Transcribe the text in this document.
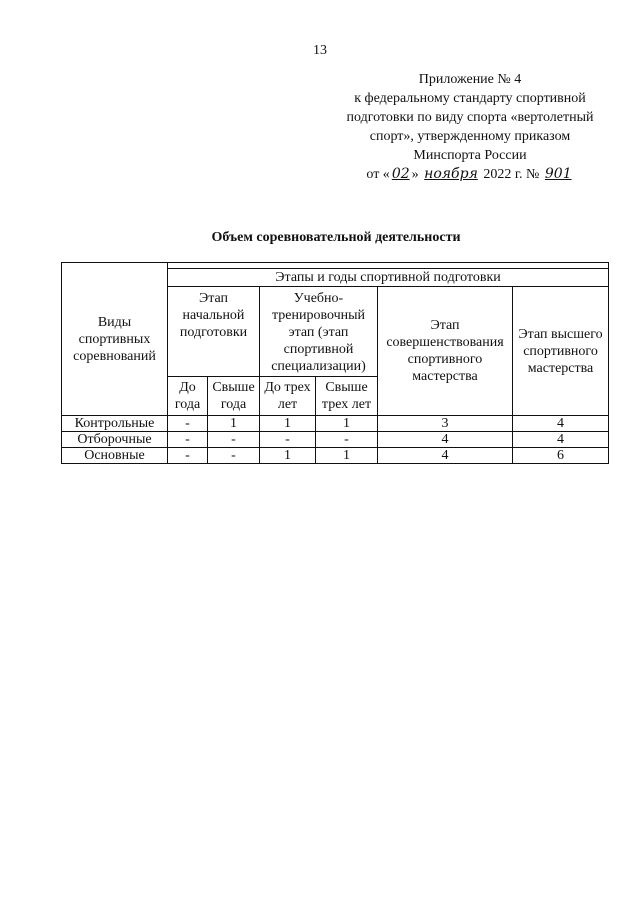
13
Приложение № 4
к федеральному стандарту спортивной
подготовки по виду спорта «вертолетный
спорт», утвержденному приказом
Минспорта России
от « 02 » ноября 2022 г. № 901
Объем соревновательной деятельности
Виды спортивных соревнований						
	Этапы и годы спортивной подготовки					
	Этап начальной подготовки		Учебно-тренировочный этап (этап спортивной специализации)		Этап совершенствования спортивного мастерства	Этап высшего спортивного мастерства
	До года	Свыше года	До трех лет	Свыше трех лет		
Контрольные	-	1	1	1	3	4
Отборочные	-	-	-	-	4	4
Основные	-	-	1	1	4	6
